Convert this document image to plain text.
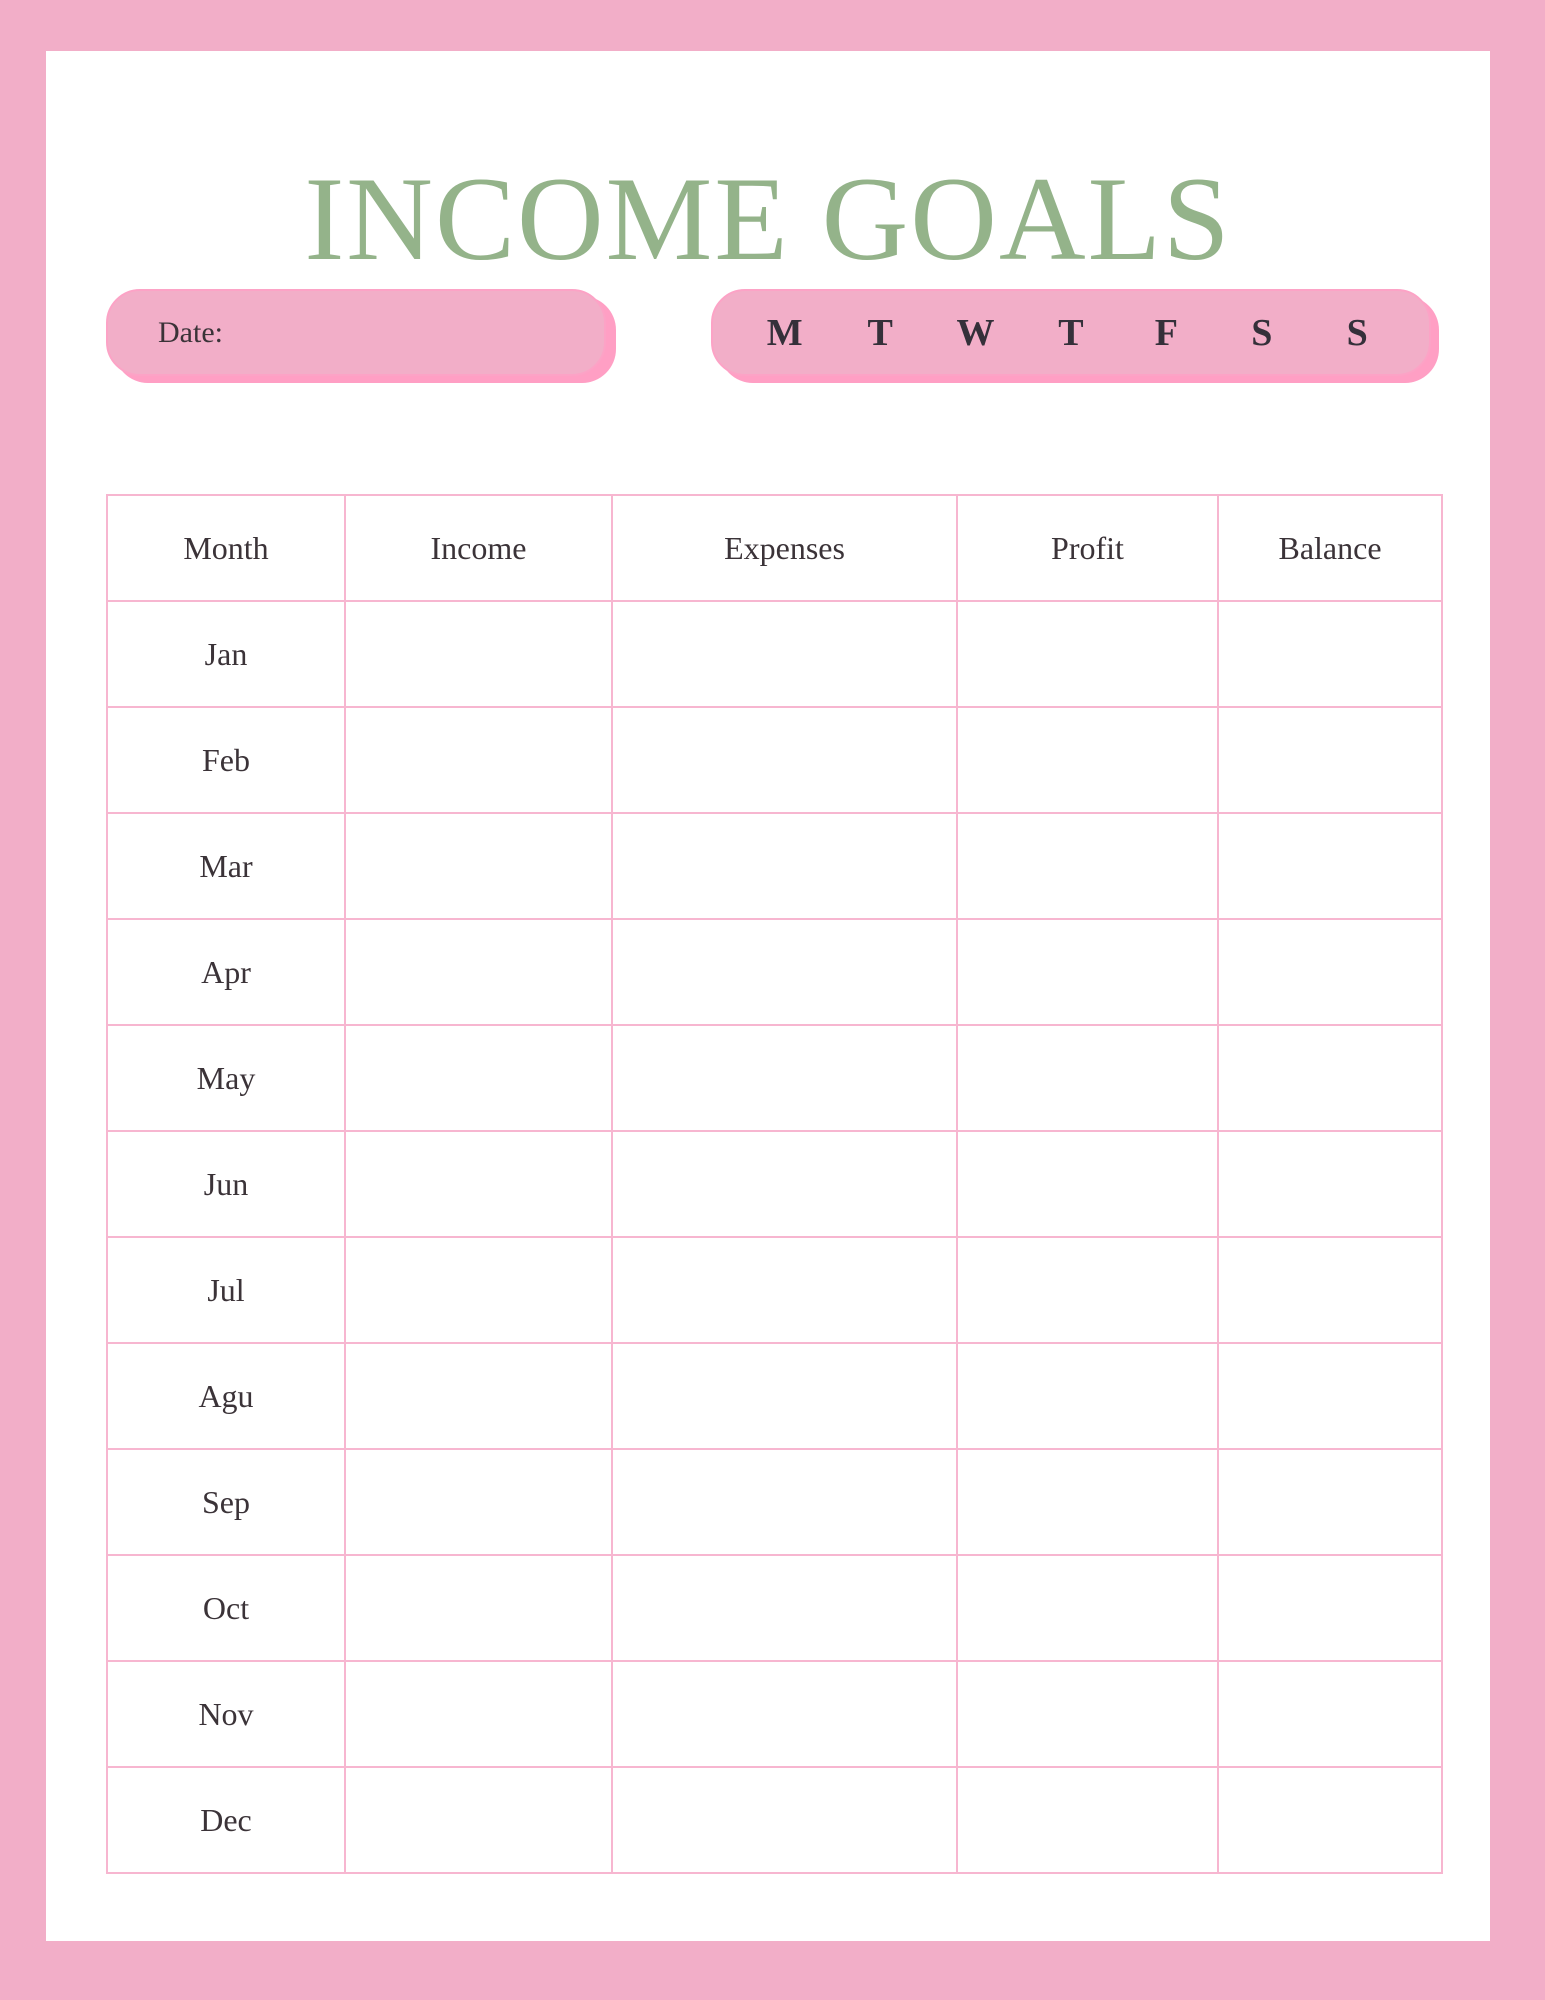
INCOME GOALS
Date:	M	T	W	T	F	S	S
Month	Income	Expenses	Profit	Balance
Jan				
Feb				
Mar				
Apr				
May				
Jun				
Jul				
Agu				
Sep				
Oct				
Nov				
Dec				
